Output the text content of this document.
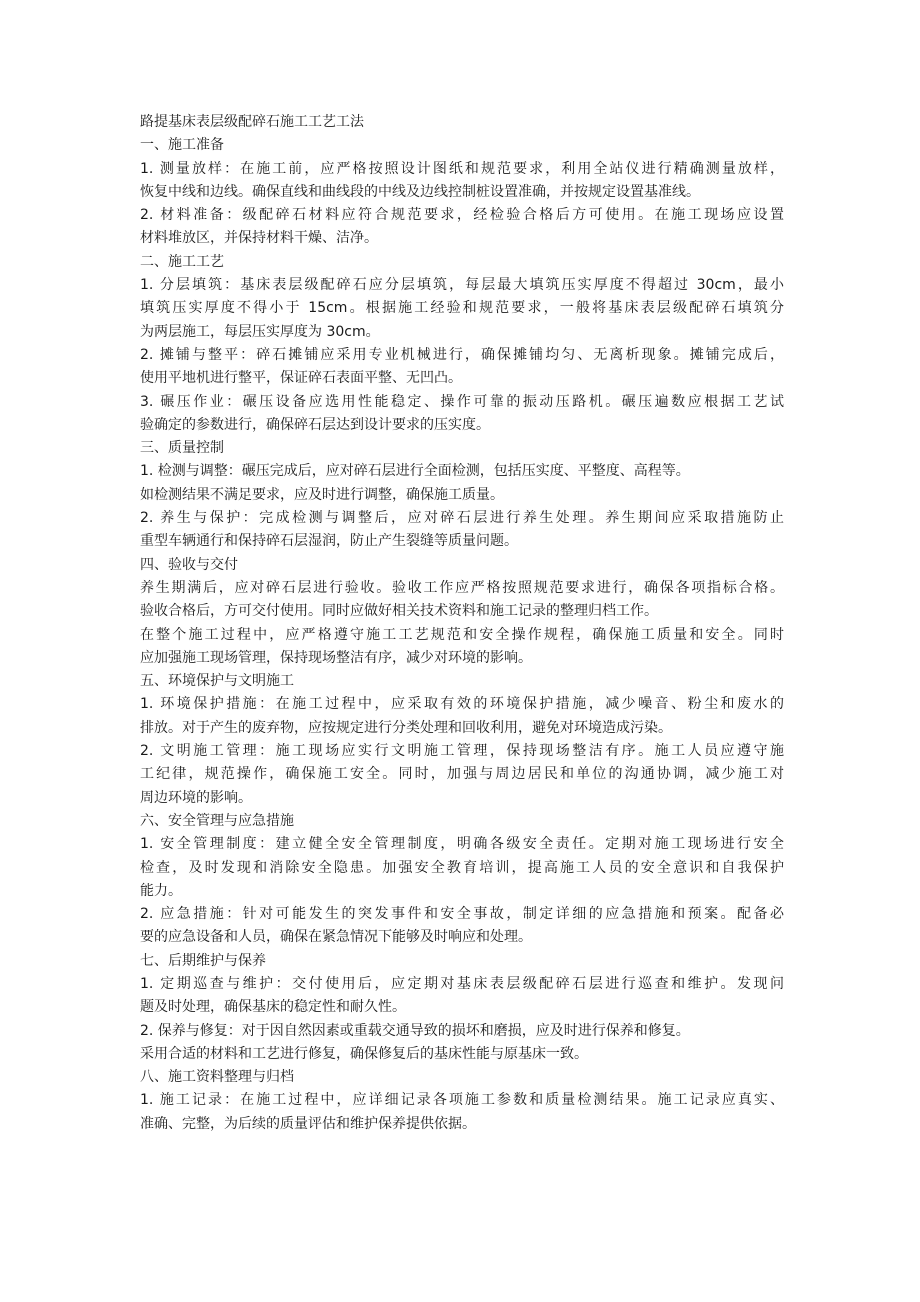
路提基床表层级配碎石施工工艺工法
一、施工准备
1. 测量放样：在施工前，应严格按照设计图纸和规范要求，利用全站仪进行精确测量放样，
恢复中线和边线。确保直线和曲线段的中线及边线控制桩设置准确，并按规定设置基准线。
2. 材料准备：级配碎石材料应符合规范要求，经检验合格后方可使用。在施工现场应设置
材料堆放区，并保持材料干燥、洁净。
二、施工工艺
1. 分层填筑：基床表层级配碎石应分层填筑，每层最大填筑压实厚度不得超过 30cm，最小
填筑压实厚度不得小于 15cm。根据施工经验和规范要求，一般将基床表层级配碎石填筑分
为两层施工，每层压实厚度为 30cm。
2. 摊铺与整平：碎石摊铺应采用专业机械进行，确保摊铺均匀、无离析现象。摊铺完成后，
使用平地机进行整平，保证碎石表面平整、无凹凸。
3. 碾压作业：碾压设备应选用性能稳定、操作可靠的振动压路机。碾压遍数应根据工艺试
验确定的参数进行，确保碎石层达到设计要求的压实度。
三、质量控制
1. 检测与调整：碾压完成后，应对碎石层进行全面检测，包括压实度、平整度、高程等。
如检测结果不满足要求，应及时进行调整，确保施工质量。
2. 养生与保护：完成检测与调整后，应对碎石层进行养生处理。养生期间应采取措施防止
重型车辆通行和保持碎石层湿润，防止产生裂缝等质量问题。
四、验收与交付
养生期满后，应对碎石层进行验收。验收工作应严格按照规范要求进行，确保各项指标合格。
验收合格后，方可交付使用。同时应做好相关技术资料和施工记录的整理归档工作。
在整个施工过程中，应严格遵守施工工艺规范和安全操作规程，确保施工质量和安全。同时
应加强施工现场管理，保持现场整洁有序，减少对环境的影响。
五、环境保护与文明施工
1. 环境保护措施：在施工过程中，应采取有效的环境保护措施，减少噪音、粉尘和废水的
排放。对于产生的废弃物，应按规定进行分类处理和回收利用，避免对环境造成污染。
2. 文明施工管理：施工现场应实行文明施工管理，保持现场整洁有序。施工人员应遵守施
工纪律，规范操作，确保施工安全。同时，加强与周边居民和单位的沟通协调，减少施工对
周边环境的影响。
六、安全管理与应急措施
1. 安全管理制度：建立健全安全管理制度，明确各级安全责任。定期对施工现场进行安全
检查，及时发现和消除安全隐患。加强安全教育培训，提高施工人员的安全意识和自我保护
能力。
2. 应急措施：针对可能发生的突发事件和安全事故，制定详细的应急措施和预案。配备必
要的应急设备和人员，确保在紧急情况下能够及时响应和处理。
七、后期维护与保养
1. 定期巡查与维护：交付使用后，应定期对基床表层级配碎石层进行巡查和维护。发现问
题及时处理，确保基床的稳定性和耐久性。
2. 保养与修复：对于因自然因素或重载交通导致的损坏和磨损，应及时进行保养和修复。
采用合适的材料和工艺进行修复，确保修复后的基床性能与原基床一致。
八、施工资料整理与归档
1. 施工记录：在施工过程中，应详细记录各项施工参数和质量检测结果。施工记录应真实、
准确、完整，为后续的质量评估和维护保养提供依据。
